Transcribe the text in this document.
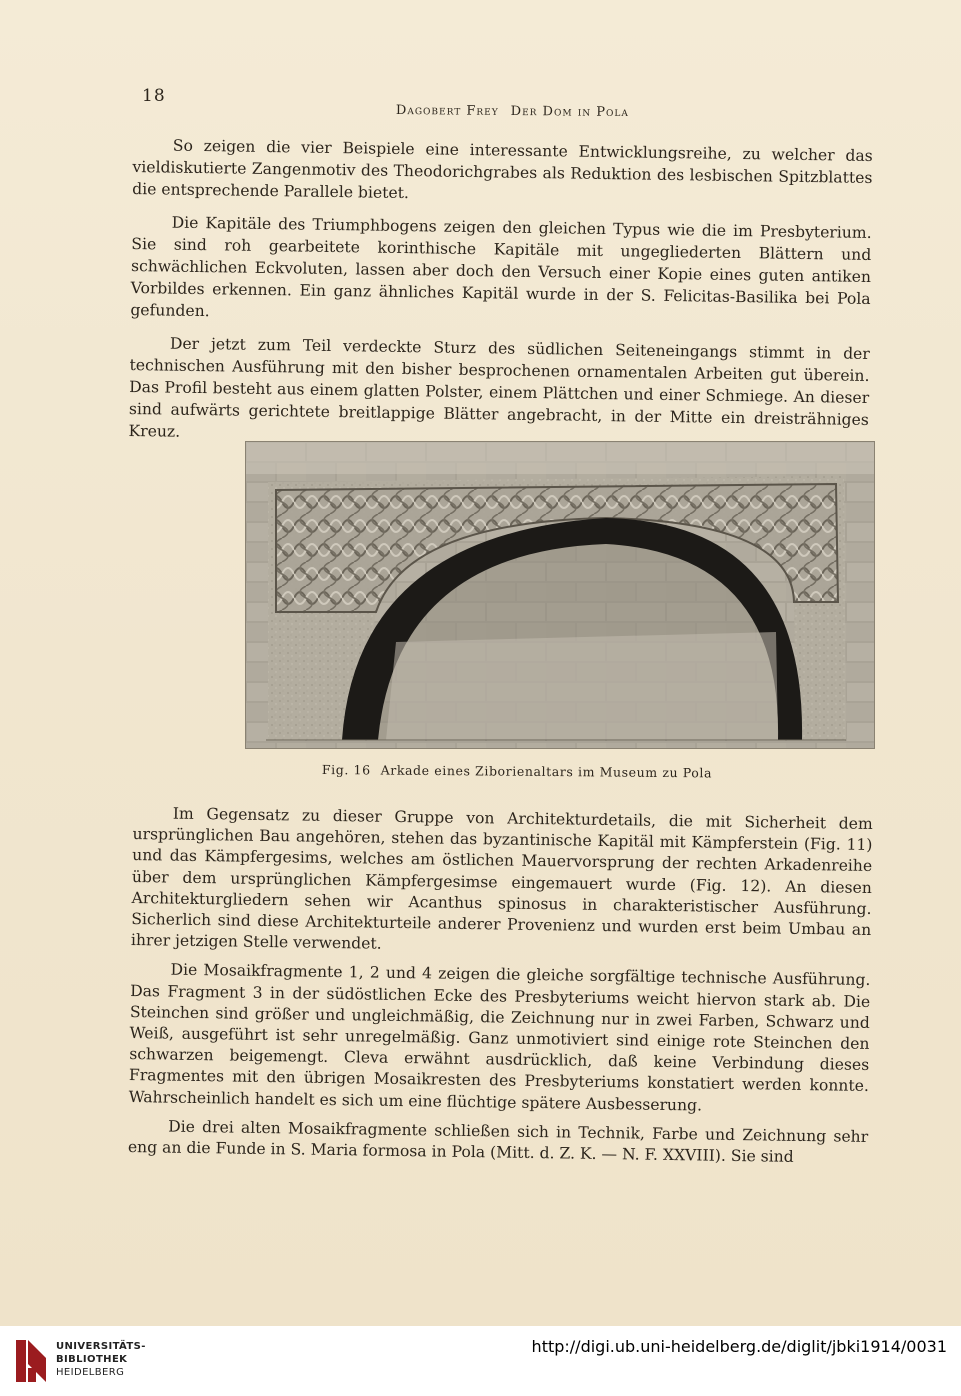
18
Dagobert Frey Der Dom in Pola

So zeigen die vier Beispiele eine interessante Entwicklungsreihe, zu welcher das vieldiskutierte Zangenmotiv des Theodorichgrabes als Reduktion des lesbischen Spitzblattes die entsprechende Parallele bietet.

Die Kapitäle des Triumphbogens zeigen den gleichen Typus wie die im Presbyterium. Sie sind roh gearbeitete korinthische Kapitäle mit ungegliederten Blättern und schwächlichen Eckvoluten, lassen aber doch den Versuch einer Kopie eines guten antiken Vorbildes erkennen. Ein ganz ähnliches Kapitäl wurde in der S. Felicitas-Basilika bei Pola gefunden.

Der jetzt zum Teil verdeckte Sturz des südlichen Seiteneingangs stimmt in der technischen Ausführung mit den bisher besprochenen ornamentalen Arbeiten gut überein. Das Profil besteht aus einem glatten Polster, einem Plättchen und einer Schmiege. An dieser sind aufwärts gerichtete breitlappige Blätter angebracht, in der Mitte ein dreisträhniges Kreuz.

Fig. 16 Arkade eines Ziborienaltars im Museum zu Pola

Im Gegensatz zu dieser Gruppe von Architekturdetails, die mit Sicherheit dem ursprünglichen Bau angehören, stehen das byzantinische Kapitäl mit Kämpferstein (Fig. 11) und das Kämpfergesims, welches am östlichen Mauervorsprung der rechten Arkadenreihe über dem ursprünglichen Kämpfergesimse eingemauert wurde (Fig. 12). An diesen Architekturgliedern sehen wir Acanthus spinosus in charakteristischer Ausführung. Sicherlich sind diese Architekturteile anderer Provenienz und wurden erst beim Umbau an ihrer jetzigen Stelle verwendet.

Die Mosaikfragmente 1, 2 und 4 zeigen die gleiche sorgfältige technische Ausführung. Das Fragment 3 in der südöstlichen Ecke des Presbyteriums weicht hiervon stark ab. Die Steinchen sind größer und ungleichmäßig, die Zeichnung nur in zwei Farben, Schwarz und Weiß, ausgeführt ist sehr unregelmäßig. Ganz unmotiviert sind einige rote Steinchen den schwarzen beigemengt. Cleva erwähnt ausdrücklich, daß keine Verbindung dieses Fragmentes mit den übrigen Mosaikresten des Presbyteriums konstatiert werden konnte. Wahrscheinlich handelt es sich um eine flüchtige spätere Ausbesserung.

Die drei alten Mosaikfragmente schließen sich in Technik, Farbe und Zeichnung sehr eng an die Funde in S. Maria formosa in Pola (Mitt. d. Z. K. — N. F. XXVIII). Sie sind

UNIVERSITÄTS-
BIBLIOTHEK
HEIDELBERG
http://digi.ub.uni-heidelberg.de/diglit/jbki1914/0031
